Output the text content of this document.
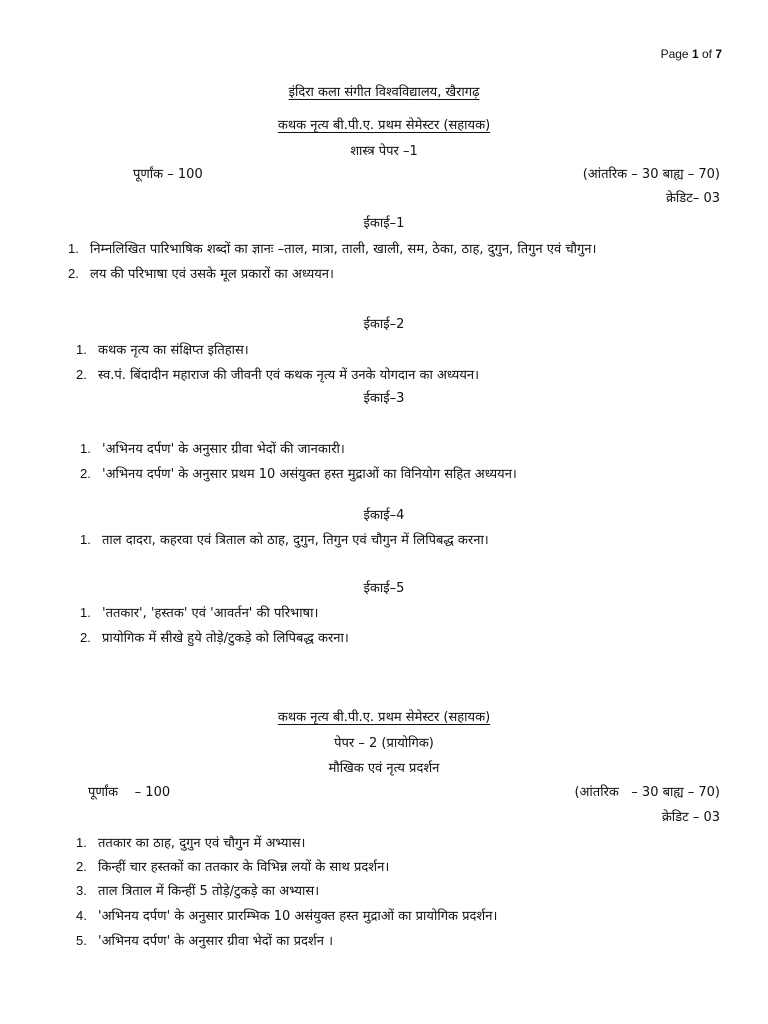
Page 1 of 7
इंदिरा कला संगीत विश्वविद्यालय, खैरागढ़
कथक नृत्य बी.पी.ए. प्रथम सेमेस्टर (सहायक)
शास्त्र पेपर –1
पूर्णांक – 100	(आंतरिक – 30 बाह्य – 70)
क्रेडिट– 03
ईकाई–1
1. निम्नलिखित पारिभाषिक शब्दों का ज्ञानः –ताल, मात्रा, ताली, खाली, सम, ठेका, ठाह, दुगुन, तिगुन एवं चौगुन।
2. लय की परिभाषा एवं उसके मूल प्रकारों का अध्ययन।
ईकाई–2
1. कथक नृत्य का संक्षिप्त इतिहास।
2. स्व.पं. बिंदादीन महाराज की जीवनी एवं कथक नृत्य में उनके योगदान का अध्ययन।
ईकाई–3
1. 'अभिनय दर्पण' के अनुसार ग्रीवा भेदों की जानकारी।
2. 'अभिनय दर्पण' के अनुसार प्रथम 10 असंयुक्त हस्त मुद्राओं का विनियोग सहित अध्ययन।
ईकाई–4
1. ताल दादरा, कहरवा एवं त्रिताल को ठाह, दुगुन, तिगुन एवं चौगुन में लिपिबद्ध करना।
ईकाई–5
1. 'ततकार', 'हस्तक' एवं 'आवर्तन' की परिभाषा।
2. प्रायोगिक में सीखे हुये तोड़े/टुकड़े को लिपिबद्ध करना।
कथक नृत्य बी.पी.ए. प्रथम सेमेस्टर (सहायक)
पेपर – 2 (प्रायोगिक)
मौखिक एवं नृत्य प्रदर्शन
पूर्णांक    – 100	(आंतरिक   – 30 बाह्य – 70)
क्रेडिट – 03
1. ततकार का ठाह, दुगुन एवं चौगुन में अभ्यास।
2. किन्हीं चार हस्तकों का ततकार के विभिन्न लयों के साथ प्रदर्शन।
3. ताल त्रिताल में किन्हीं 5 तोड़े/टुकड़े का अभ्यास।
4. 'अभिनय दर्पण' के अनुसार प्रारम्भिक 10 असंयुक्त हस्त मुद्राओं का प्रायोगिक प्रदर्शन।
5. 'अभिनय दर्पण' के अनुसार ग्रीवा भेदों का प्रदर्शन ।
